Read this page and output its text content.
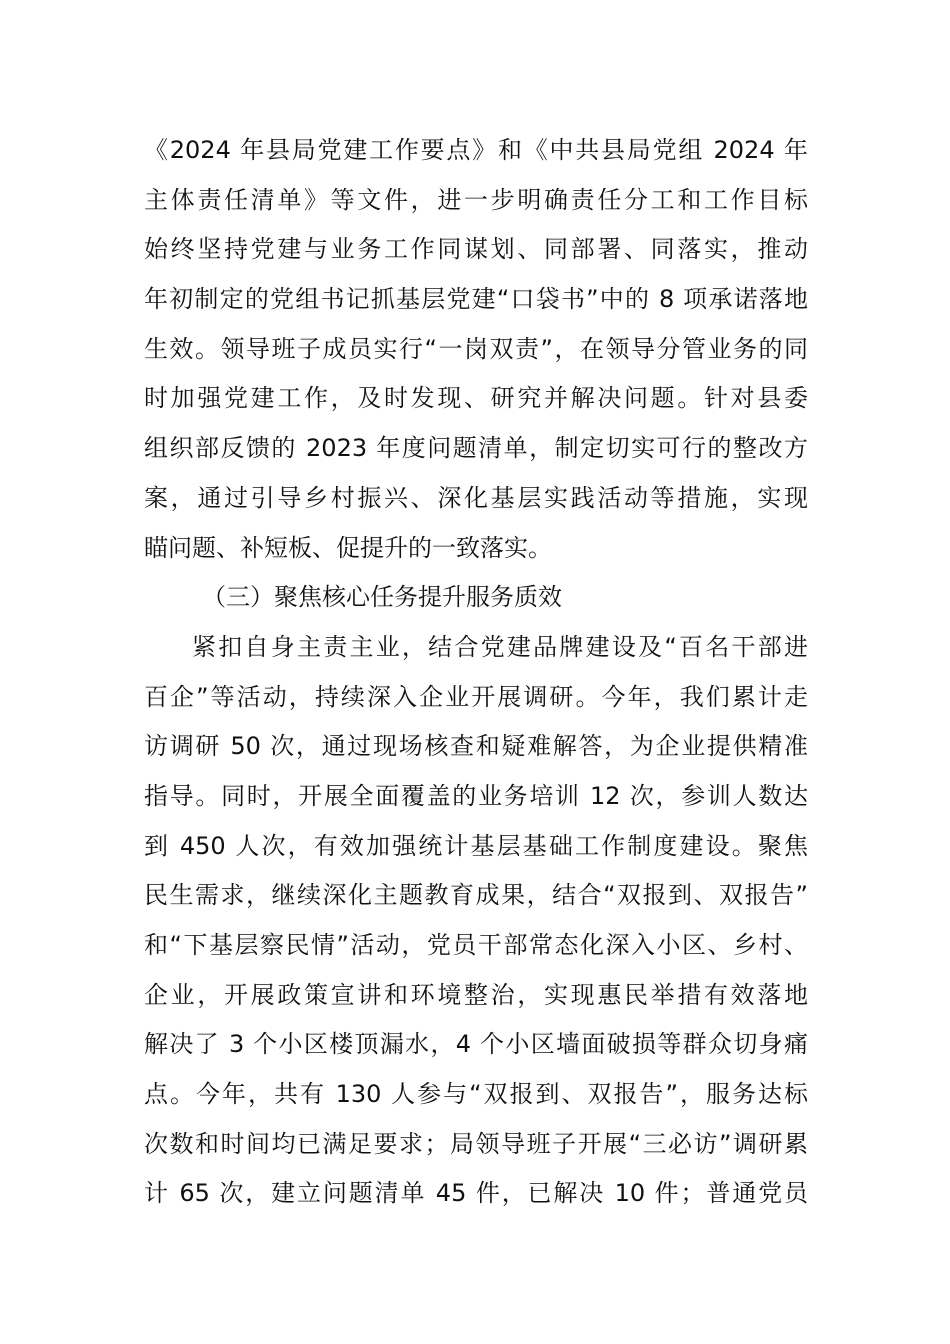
《2024 年县局党建工作要点》和《中共县局党组 2024 年
主体责任清单》等文件，进一步明确责任分工和工作目标
始终坚持党建与业务工作同谋划、同部署、同落实，推动
年初制定的党组书记抓基层党建“口袋书”中的 8 项承诺落地
生效。领导班子成员实行“一岗双责”，在领导分管业务的同
时加强党建工作，及时发现、研究并解决问题。针对县委
组织部反馈的 2023 年度问题清单，制定切实可行的整改方
案，通过引导乡村振兴、深化基层实践活动等措施，实现
瞄问题、补短板、促提升的一致落实。
（三）聚焦核心任务提升服务质效
紧扣自身主责主业，结合党建品牌建设及“百名干部进
百企”等活动，持续深入企业开展调研。今年，我们累计走
访调研 50 次，通过现场核查和疑难解答，为企业提供精准
指导。同时，开展全面覆盖的业务培训 12 次，参训人数达
到 450 人次，有效加强统计基层基础工作制度建设。聚焦
民生需求，继续深化主题教育成果，结合“双报到、双报告”
和“下基层察民情”活动，党员干部常态化深入小区、乡村、
企业，开展政策宣讲和环境整治，实现惠民举措有效落地
解决了 3 个小区楼顶漏水，4 个小区墙面破损等群众切身痛
点。今年，共有 130 人参与“双报到、双报告”，服务达标
次数和时间均已满足要求；局领导班子开展“三必访”调研累
计 65 次，建立问题清单 45 件，已解决 10 件；普通党员
